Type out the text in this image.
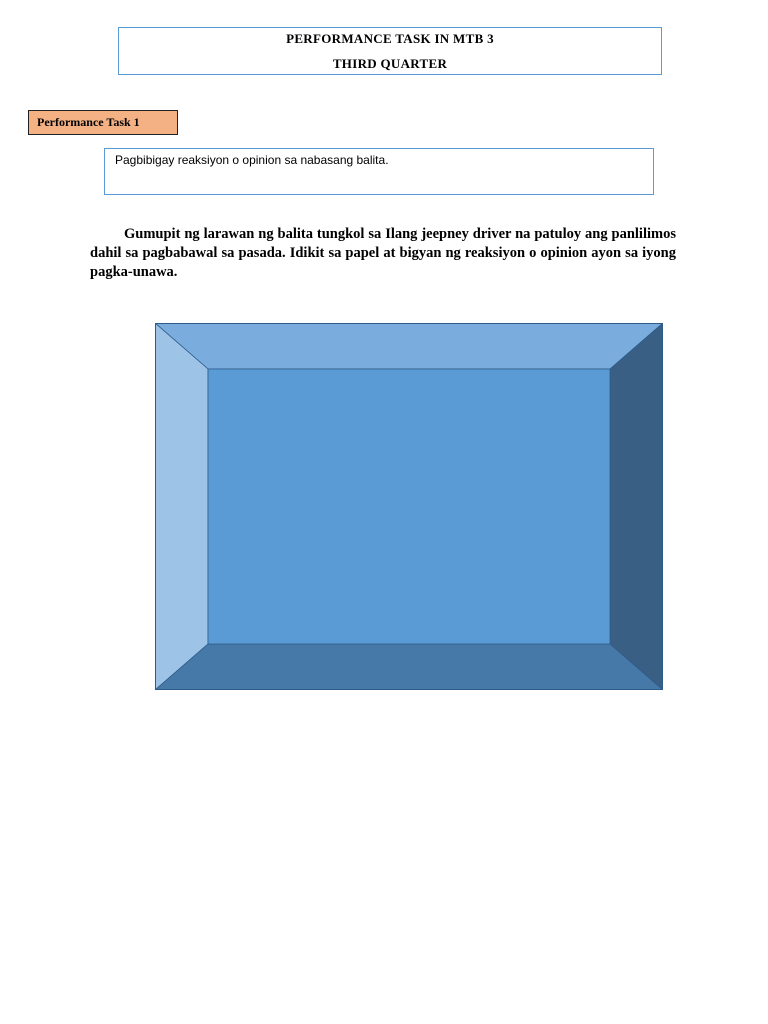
PERFORMANCE TASK IN MTB 3
THIRD QUARTER
Performance Task 1
Pagbibigay reaksiyon o opinion sa nabasang balita.

Gumupit ng larawan ng balita tungkol sa Ilang jeepney driver na patuloy ang panlilimos dahil sa pagbabawal sa pasada. Idikit sa papel at bigyan ng reaksiyon o opinion ayon sa iyong pagka-unawa.
